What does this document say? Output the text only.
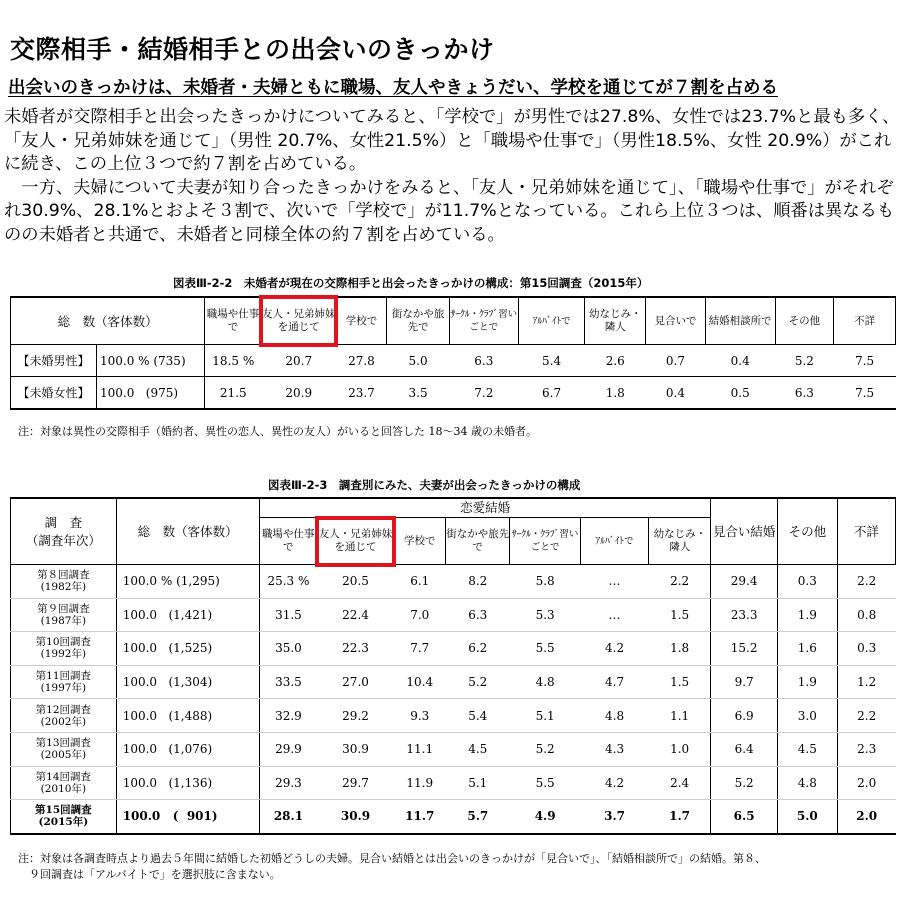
交際相手・結婚相手との出会いのきっかけ
出会いのきっかけは、未婚者・夫婦ともに職場、友人やきょうだい、学校を通じてが７割を占める

未婚者が交際相手と出会ったきっかけについてみると、「学校で」が男性では27.8%、女性では23.7%と最も多く、「友人・兄弟姉妹を通じて」（男性 20.7%、女性21.5%）と「職場や仕事で」（男性18.5%、女性 20.9%）がこれに続き、この上位３つで約７割を占めている。

一方、夫婦について夫妻が知り合ったきっかけをみると、「友人・兄弟姉妹を通じて」、「職場や仕事で」がそれぞれ30.9%、28.1%とおよそ３割で、次いで「学校で」が11.7%となっている。これら上位３つは、順番は異なるものの未婚者と共通で、未婚者と同様全体の約７割を占めている。

図表Ⅲ-2-2　未婚者が現在の交際相手と出会ったきっかけの構成：第15回調査（2015年）
総　数（客体数）		職場や仕事で	友人・兄弟姉妹を通じて	学校で	街なかや旅先で	ｻｰｸﾙ・ｸﾗﾌﾞ習いごとで	ｱﾙﾊﾞｲﾄで	幼なじみ・隣人	見合いで	結婚相談所で	その他	不詳
【未婚男性】	100.0 % (735)	18.5 %	20.7	27.8	5.0	6.3	5.4	2.6	0.7	0.4	5.2	7.5
【未婚女性】	100.0   (975)	21.5	20.9	23.7	3.5	7.2	6.7	1.8	0.4	0.5	6.3	7.5
注：対象は異性の交際相手（婚約者、異性の恋人、異性の友人）がいると回答した 18〜34 歳の未婚者。
図表Ⅲ-2-3　調査別にみた、夫妻が出会ったきっかけの構成
調　査
（調査年次）	総　数（客体数）	恋愛結婚							見合い結婚	その他	不詳
		職場や仕事で	友人・兄弟姉妹を通じて	学校で	街なかや旅先で	ｻｰｸﾙ・ｸﾗﾌﾞ習いごとで	ｱﾙﾊﾞｲﾄで	幼なじみ・隣人			
第８回調査
(1982年)	100.0 % (1,295)	25.3 %	20.5	6.1	8.2	5.8	…	2.2	29.4	0.3	2.2
第９回調査
(1987年)	100.0   (1,421)	31.5	22.4	7.0	6.3	5.3	…	1.5	23.3	1.9	0.8
第10回調査
(1992年)	100.0   (1,525)	35.0	22.3	7.7	6.2	5.5	4.2	1.8	15.2	1.6	0.3
第11回調査
(1997年)	100.0   (1,304)	33.5	27.0	10.4	5.2	4.8	4.7	1.5	9.7	1.9	1.2
第12回調査
(2002年)	100.0   (1,488)	32.9	29.2	9.3	5.4	5.1	4.8	1.1	6.9	3.0	2.2
第13回調査
(2005年)	100.0   (1,076)	29.9	30.9	11.1	4.5	5.2	4.3	1.0	6.4	4.5	2.3
第14回調査
(2010年)	100.0   (1,136)	29.3	29.7	11.9	5.1	5.5	4.2	2.4	5.2	4.8	2.0
第15回調査
(2015年)	100.0   (  901)	28.1	30.9	11.7	5.7	4.9	3.7	1.7	6.5	5.0	2.0
注：対象は各調査時点より過去５年間に結婚した初婚どうしの夫婦。見合い結婚とは出会いのきっかけが「見合いで」、「結婚相談所で」の結婚。第８、
　９回調査は「アルバイトで」を選択肢に含まない。
